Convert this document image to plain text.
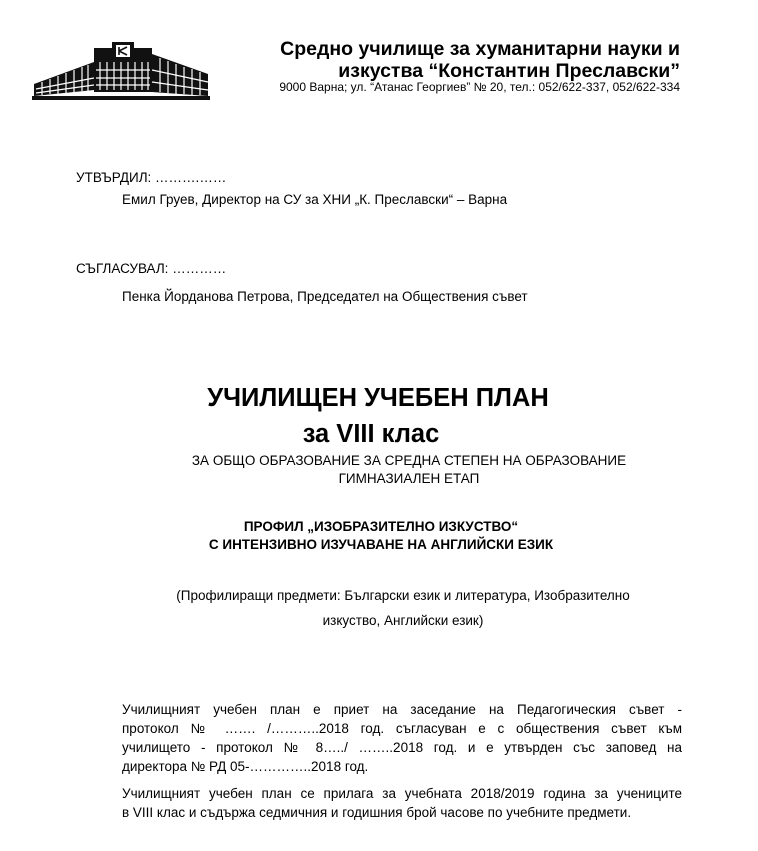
Средно училище за хуманитарни науки и
изкуства “Константин Преславски”
9000 Варна; ул. “Атанас Георгиев” № 20, тел.: 052/622-337, 052/622-334
УТВЪРДИЛ: ……….……
Емил Груев, Директор на СУ за ХНИ „К. Преславски“ – Варна
СЪГЛАСУВАЛ: …………
Пенка Йорданова Петрова, Председател на Обществения съвет
УЧИЛИЩЕН УЧЕБЕН ПЛАН
за VIII клас
ЗА ОБЩО ОБРАЗОВАНИЕ ЗА СРЕДНА СТЕПЕН НА ОБРАЗОВАНИЕ
ГИМНАЗИАЛЕН ЕТАП
ПРОФИЛ „ИЗОБРАЗИТЕЛНО ИЗКУСТВО“
С ИНТЕНЗИВНО ИЗУЧАВАНЕ НА АНГЛИЙСКИ ЕЗИК
(Профилиращи предмети: Български език и литература, Изобразително
изкуство, Английски език)
Училищният учебен план е приет на заседание на Педагогическия съвет -
протокол № ……. /………..2018 год. съгласуван е с обществения съвет към
училището - протокол № 8…../ ……..2018 год. и е утвърден със заповед на
директора № РД 05-…………..2018 год.
Училищният учебен план се прилага за учебната 2018/2019 година за учениците
в VIII клас и съдържа седмичния и годишния брой часове по учебните предмети.
